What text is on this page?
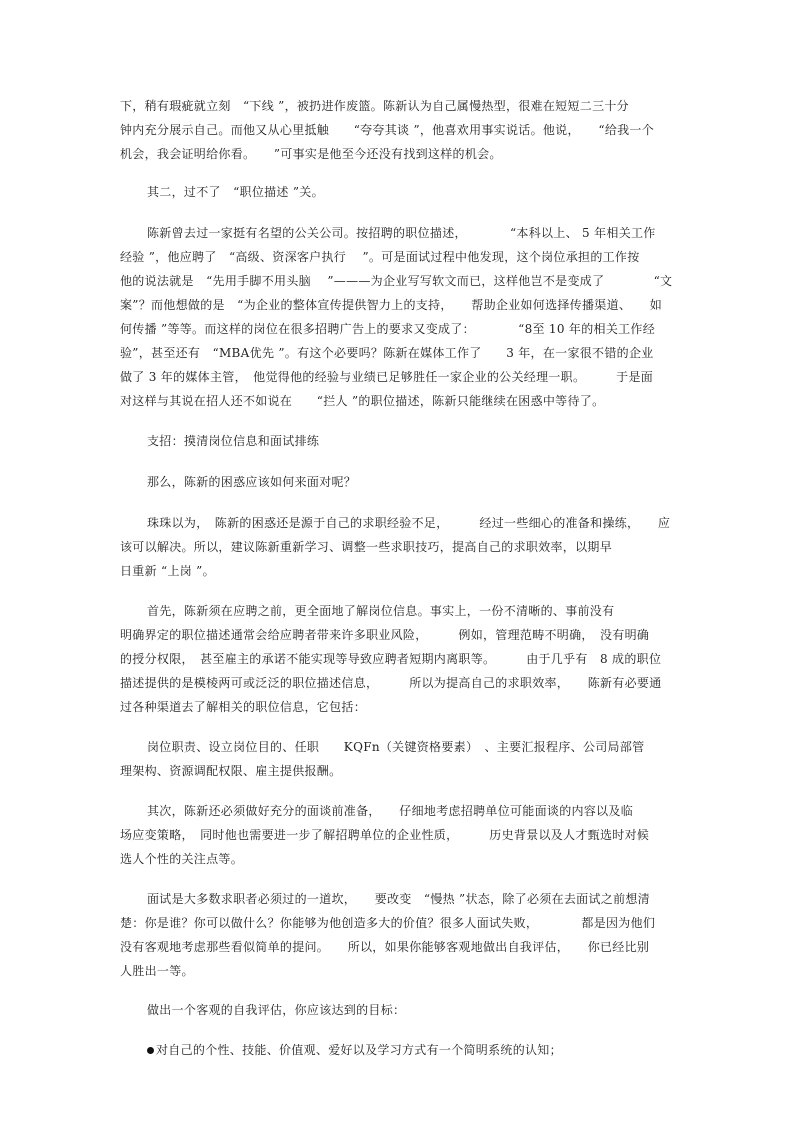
下，稍有瑕疵就立刻　“下线 ”，被扔进作废篮。陈新认为自己属慢热型，很难在短短二三十分
钟内充分展示自己。而他又从心里抵触　　“夸夸其谈 ”，他喜欢用事实说话。他说，　　“给我一个
机会，我会证明给你看。　　”可事实是他至今还没有找到这样的机会。
其二，过不了　“职位描述 ”关。
陈新曾去过一家挺有名望的公关公司。按招聘的职位描述，　　　　“本科以上、 5 年相关工作
经验 ”，他应聘了　“高级、资深客户执行　 ”。可是面试过程中他发现，这个岗位承担的工作按
他的说法就是　“先用手脚不用头脑　 ”———为企业写写软文而已，这样他岂不是变成了　　　　“文
案”？而他想做的是　“为企业的整体宣传提供智力上的支持，　　帮助企业如何选择传播渠道、　　如
何传播 ”等等。而这样的岗位在很多招聘广告上的要求又变成了：　　　　“8至 10 年的相关工作经
验”，甚至还有　“MBA优先 ”。有这个必要吗？陈新在媒体工作了　　3 年，在一家很不错的企业
做了 3 年的媒体主管，　他觉得他的经验与业绩已足够胜任一家企业的公关经理一职。　　　于是面
对这样与其说在招人还不如说在　　“拦人 ”的职位描述，陈新只能继续在困惑中等待了。
支招：摸清岗位信息和面试排练
那么，陈新的困惑应该如何来面对呢？
珠珠以为，　陈新的困惑还是源于自己的求职经验不足，　　　经过一些细心的准备和操练，　　应
该可以解决。所以，建议陈新重新学习、调整一些求职技巧，提高自己的求职效率，以期早
日重新 “上岗 ”。
首先，陈新须在应聘之前，更全面地了解岗位信息。事实上，一份不清晰的、事前没有
明确界定的职位描述通常会给应聘者带来许多职业风险，　　　例如，管理范畴不明确，　没有明确
的授分权限，　甚至雇主的承诺不能实现等导致应聘者短期内离职等。　　　由于几乎有　8 成的职位
描述提供的是模棱两可或泛泛的职位描述信息，　　　所以为提高自己的求职效率，　　陈新有必要通
过各种渠道去了解相关的职位信息，它包括：
岗位职责、设立岗位目的、任职　　KQFn（关键资格要素）　、主要汇报程序、公司局部管
理架构、资源调配权限、雇主提供报酬。
其次，陈新还必须做好充分的面谈前准备，　　仔细地考虑招聘单位可能面谈的内容以及临
场应变策略，　同时他也需要进一步了解招聘单位的企业性质，　　　历史背景以及人才甄选时对候
选人个性的关注点等。
面试是大多数求职者必须过的一道坎，　　要改变　“慢热 ”状态，除了必须在去面试之前想清
楚：你是谁？你可以做什么？你能够为他创造多大的价值？很多人面试失败，　　　　都是因为他们
没有客观地考虑那些看似简单的提问。　　所以，如果你能够客观地做出自我评估，　　你已经比别
人胜出一等。
做出一个客观的自我评估，你应该达到的目标：
对自己的个性、技能、价值观、爱好以及学习方式有一个简明系统的认知；
